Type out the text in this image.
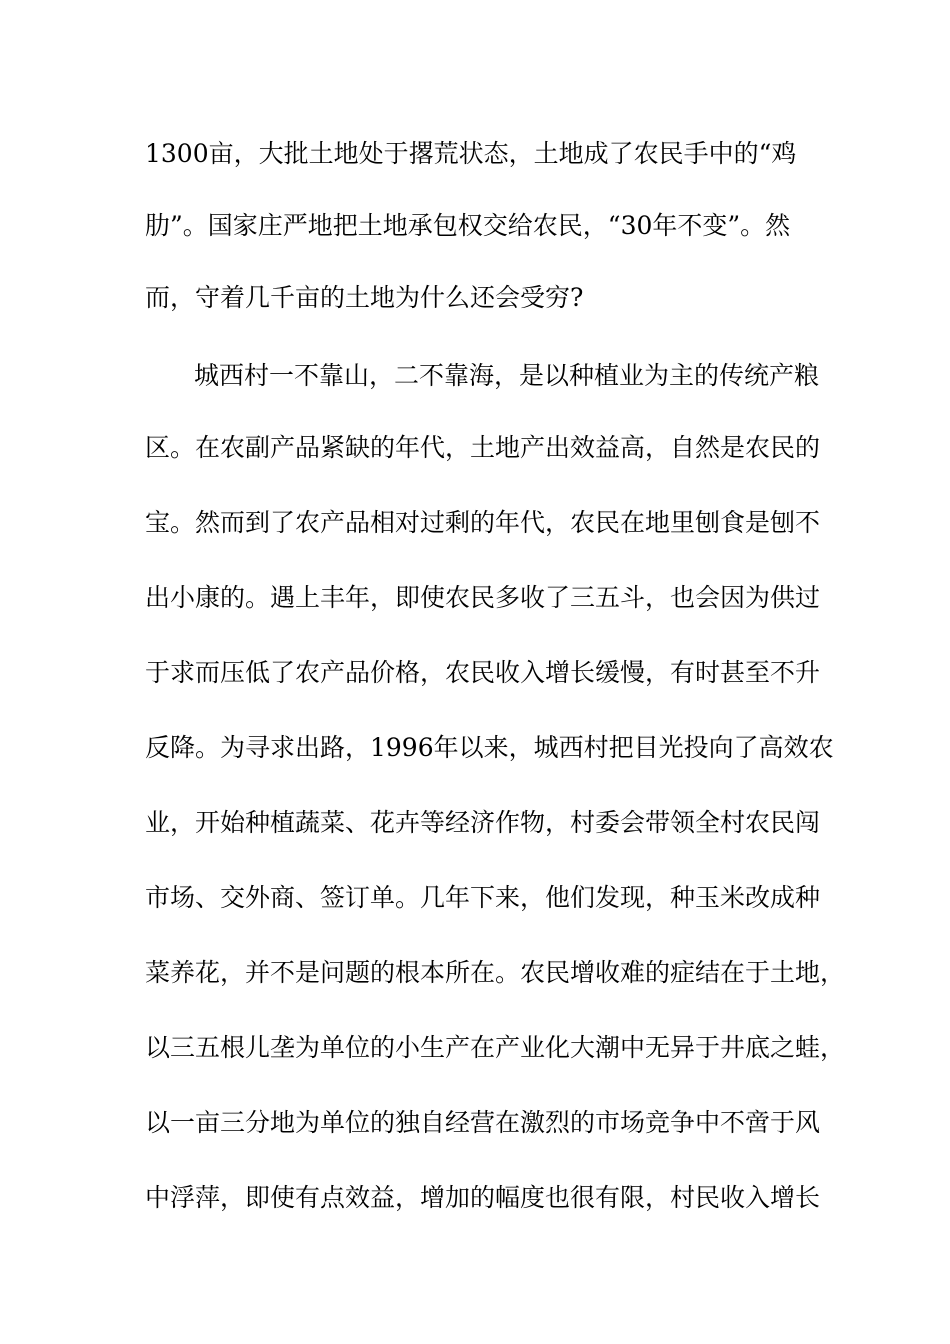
1300亩，大批土地处于撂荒状态，土地成了农民手中的“鸡
肋”。国家庄严地把土地承包权交给农民，“30年不变”。然
而，守着几千亩的土地为什么还会受穷?
城西村一不靠山，二不靠海，是以种植业为主的传统产粮
区。在农副产品紧缺的年代，土地产出效益高，自然是农民的
宝。然而到了农产品相对过剩的年代，农民在地里刨食是刨不
出小康的。遇上丰年，即使农民多收了三五斗，也会因为供过
于求而压低了农产品价格，农民收入增长缓慢，有时甚至不升
反降。为寻求出路，1996年以来，城西村把目光投向了高效农
业，开始种植蔬菜、花卉等经济作物，村委会带领全村农民闯
市场、交外商、签订单。几年下来，他们发现，种玉米改成种
菜养花，并不是问题的根本所在。农民增收难的症结在于土地，
以三五根儿垄为单位的小生产在产业化大潮中无异于井底之蛙，
以一亩三分地为单位的独自经营在激烈的市场竞争中不啻于风
中浮萍，即使有点效益，增加的幅度也很有限，村民收入增长
